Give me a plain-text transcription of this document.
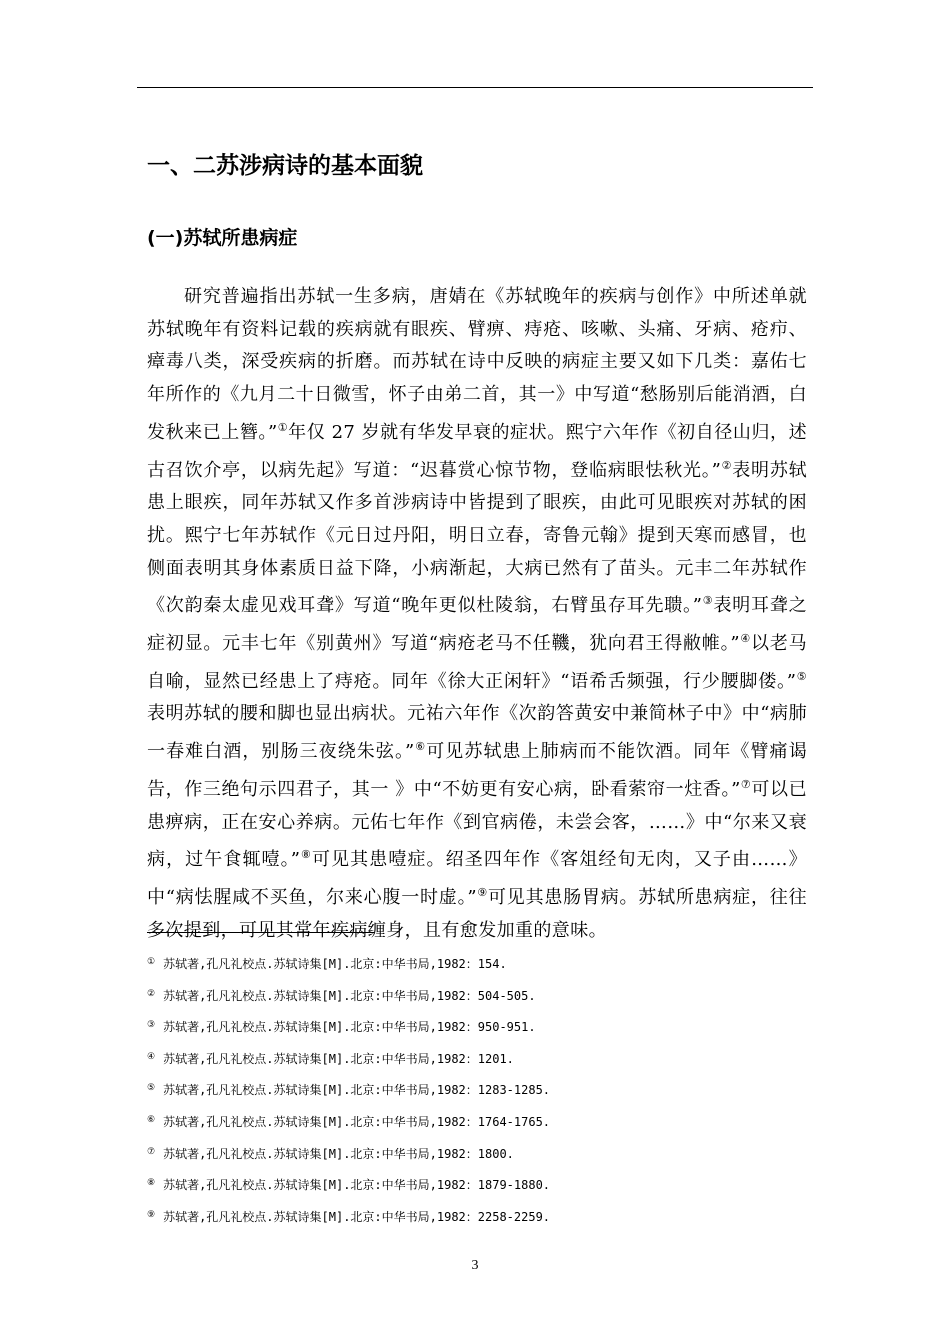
一、二苏涉病诗的基本面貌
(一)苏轼所患病症

研究普遍指出苏轼一生多病，唐婧在《苏轼晚年的疾病与创作》中所述单就苏轼晚年有资料记载的疾病就有眼疾、臂痹、痔疮、咳嗽、头痛、牙病、疮疖、瘴毒八类，深受疾病的折磨。而苏轼在诗中反映的病症主要又如下几类：嘉佑七年所作的《九月二十日微雪，怀子由弟二首，其一》中写道“愁肠别后能消酒，白发秋来已上簪。”①年仅 27 岁就有华发早衰的症状。熙宁六年作《初自径山归，述古召饮介亭，以病先起》写道：“迟暮赏心惊节物，登临病眼怯秋光。”②表明苏轼患上眼疾，同年苏轼又作多首涉病诗中皆提到了眼疾，由此可见眼疾对苏轼的困扰。熙宁七年苏轼作《元日过丹阳，明日立春，寄鲁元翰》提到天寒而感冒，也侧面表明其身体素质日益下降，小病渐起，大病已然有了苗头。元丰二年苏轼作《次韵秦太虚见戏耳聋》写道“晚年更似杜陵翁，右臂虽存耳先聩。”③表明耳聋之症初显。元丰七年《别黄州》写道“病疮老马不任鞿，犹向君王得敝帷。”④以老马自喻，显然已经患上了痔疮。同年《徐大正闲轩》“语希舌频强，行少腰脚偻。”⑤表明苏轼的腰和脚也显出病状。元祐六年作《次韵答黄安中兼简林子中》中“病肺一春难白酒，别肠三夜绕朱弦。”⑥可见苏轼患上肺病而不能饮酒。同年《臂痛谒告，作三绝句示四君子，其一 》中“不妨更有安心病，卧看萦帘一炷香。”⑦可以已患痹病，正在安心养病。元佑七年作《到官病倦，未尝会客，……》中“尔来又衰病，过午食辄噎。”⑧可见其患噎症。绍圣四年作《客俎经旬无肉，又子由……》中“病怯腥咸不买鱼，尔来心腹一时虚。”⑨可见其患肠胃病。苏轼所患病症，往往多次提到，可见其常年疾病缠身，且有愈发加重的意味。

① 苏轼著,孔凡礼校点.苏轼诗集[M].北京:中华书局,1982：154.
② 苏轼著,孔凡礼校点.苏轼诗集[M].北京:中华书局,1982：504-505.
③ 苏轼著,孔凡礼校点.苏轼诗集[M].北京:中华书局,1982：950-951.
④ 苏轼著,孔凡礼校点.苏轼诗集[M].北京:中华书局,1982：1201.
⑤ 苏轼著,孔凡礼校点.苏轼诗集[M].北京:中华书局,1982：1283-1285.
⑥ 苏轼著,孔凡礼校点.苏轼诗集[M].北京:中华书局,1982：1764-1765.
⑦ 苏轼著,孔凡礼校点.苏轼诗集[M].北京:中华书局,1982：1800.
⑧ 苏轼著,孔凡礼校点.苏轼诗集[M].北京:中华书局,1982：1879-1880.
⑨ 苏轼著,孔凡礼校点.苏轼诗集[M].北京:中华书局,1982：2258-2259.
3
